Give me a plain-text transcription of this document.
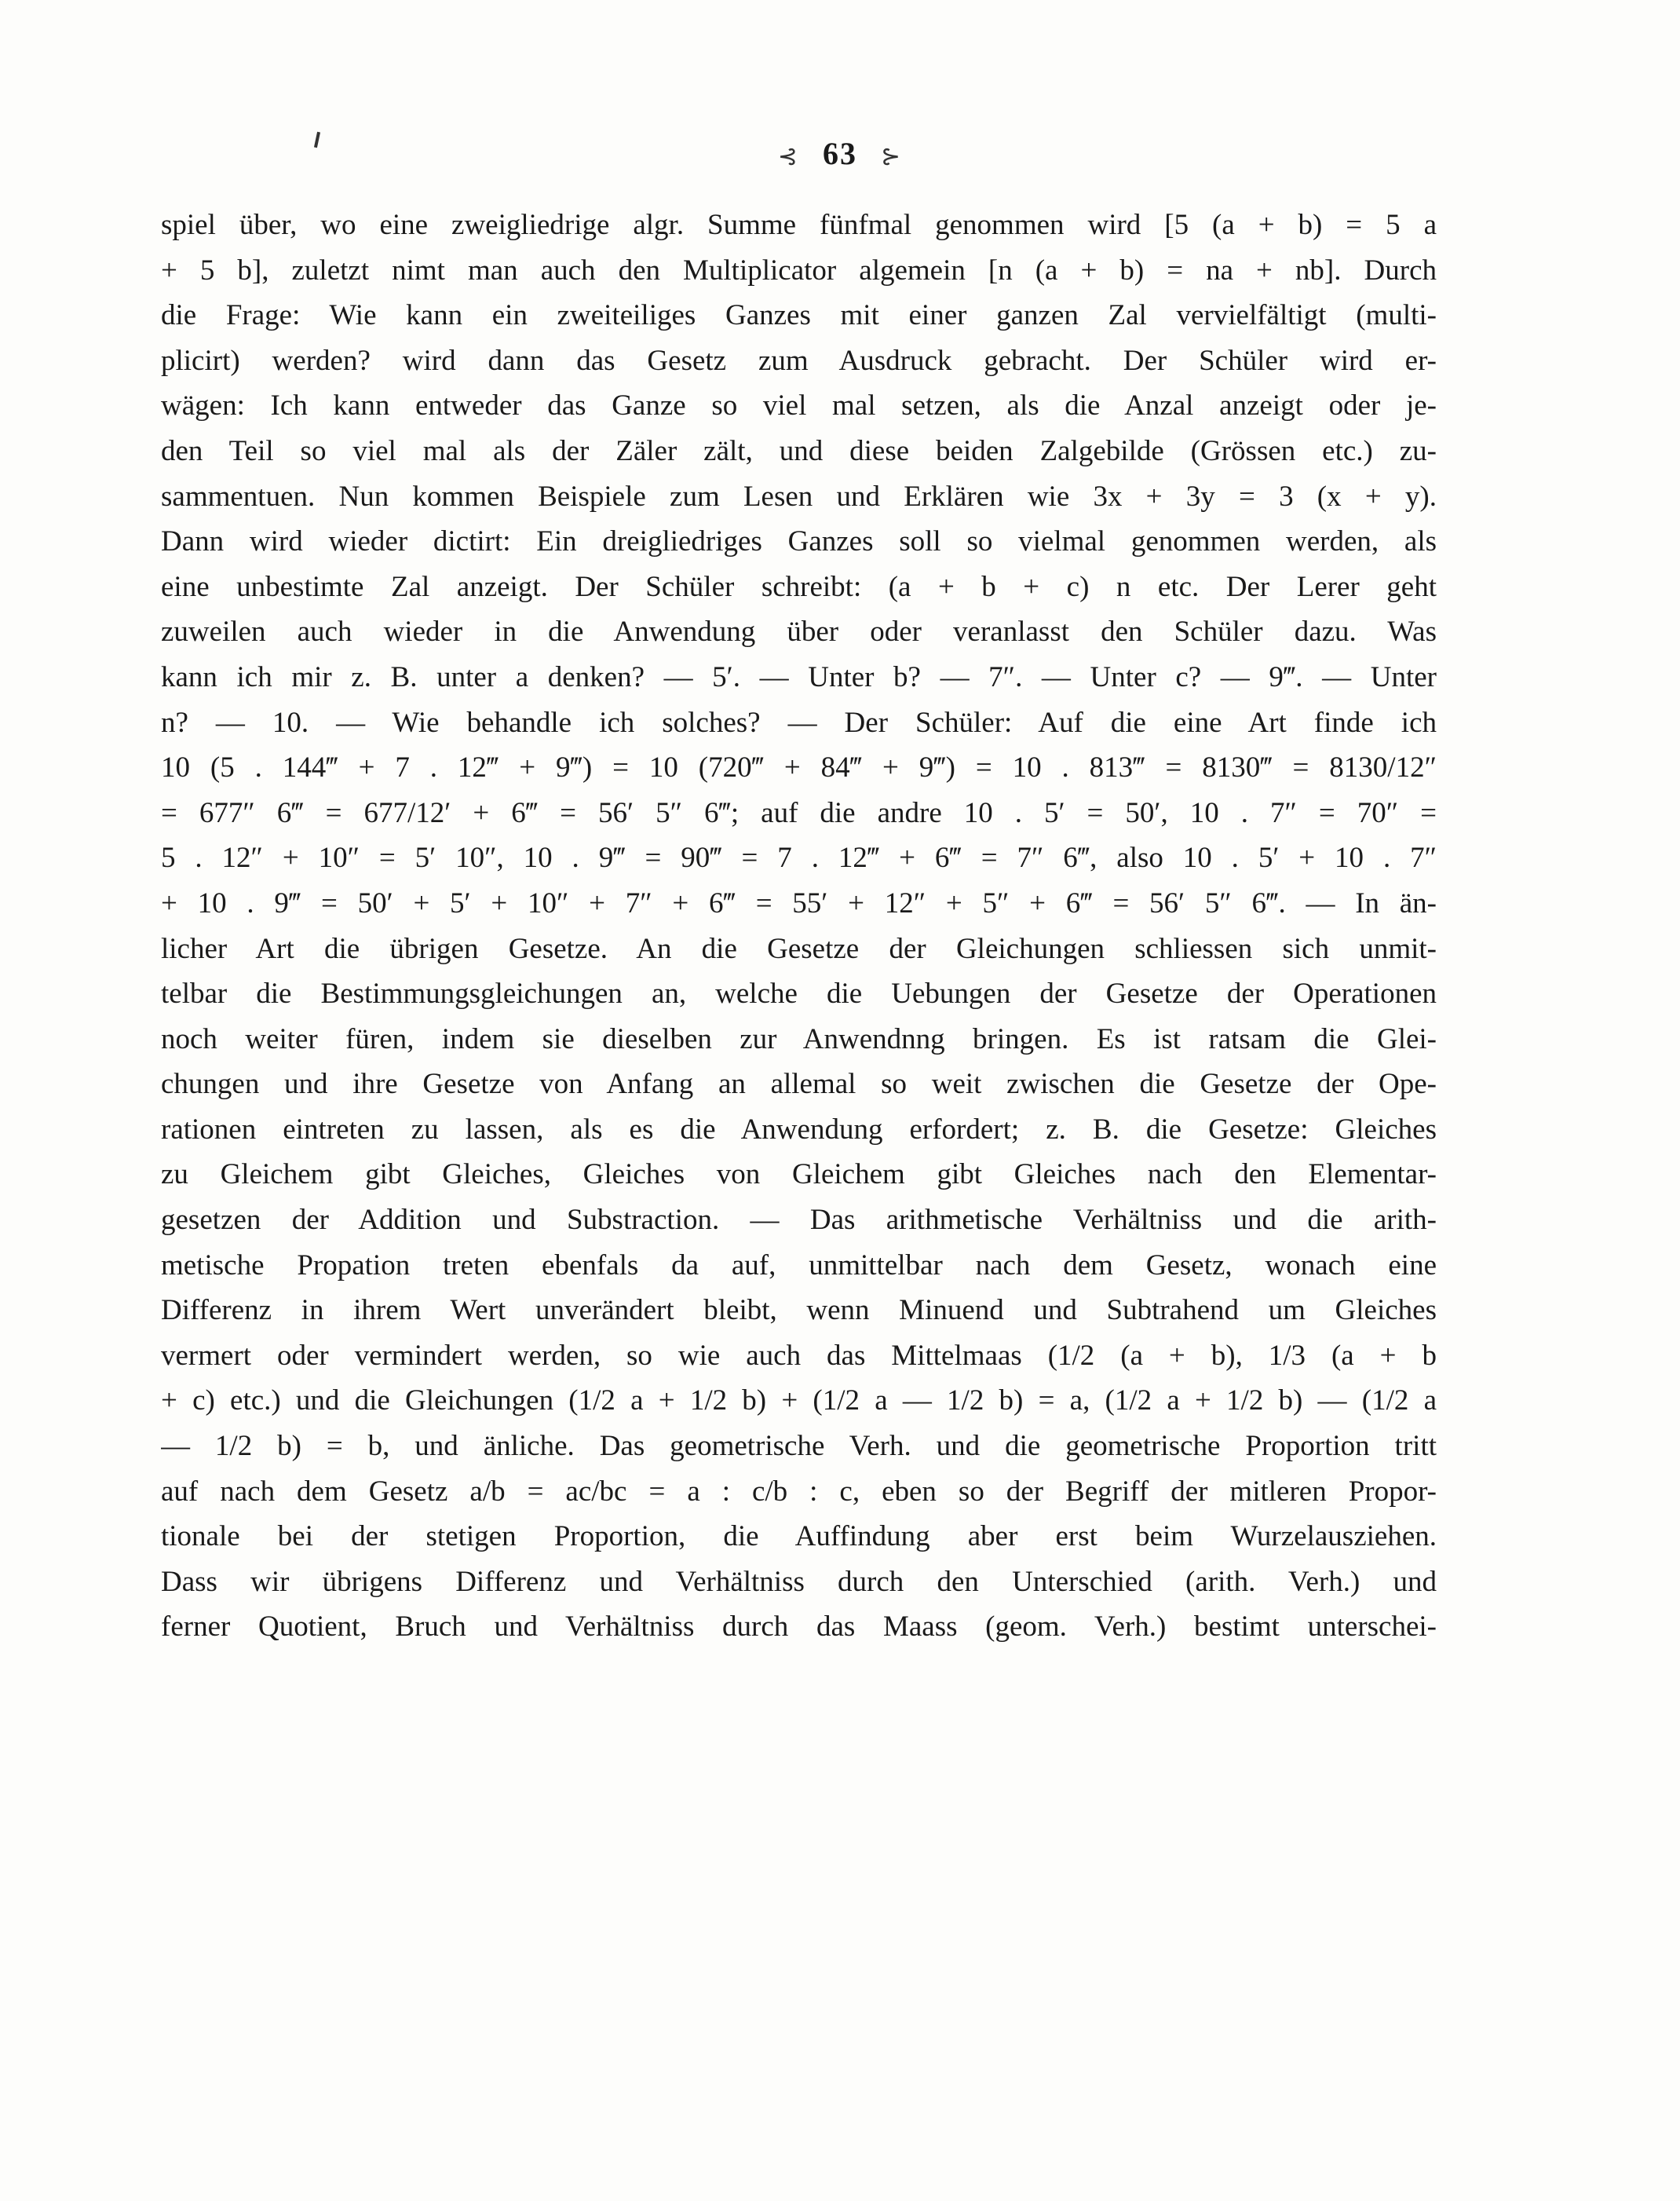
⊰ 63 ⊱
spiel über, wo eine zweigliedrige algr. Summe fünfmal genommen wird [5 (a + b) = 5 a
+ 5 b], zuletzt nimt man auch den Multiplicator algemein [n (a + b) = na + nb]. Durch
die Frage: Wie kann ein zweiteiliges Ganzes mit einer ganzen Zal vervielfältigt (multi-
plicirt) werden? wird dann das Gesetz zum Ausdruck gebracht. Der Schüler wird er-
wägen: Ich kann entweder das Ganze so viel mal setzen, als die Anzal anzeigt oder je-
den Teil so viel mal als der Zäler zält, und diese beiden Zalgebilde (Grössen etc.) zu-
sammentuen. Nun kommen Beispiele zum Lesen und Erklären wie 3x + 3y = 3 (x + y).
Dann wird wieder dictirt: Ein dreigliedriges Ganzes soll so vielmal genommen werden, als
eine unbestimte Zal anzeigt. Der Schüler schreibt: (a + b + c) n etc. Der Lerer geht
zuweilen auch wieder in die Anwendung über oder veranlasst den Schüler dazu. Was
kann ich mir z. B. unter a denken? — 5′. — Unter b? — 7″. — Unter c? — 9‴. — Unter
n? — 10. — Wie behandle ich solches? — Der Schüler: Auf die eine Art finde ich
10 (5 . 144‴ + 7 . 12‴ + 9‴) = 10 (720‴ + 84‴ + 9‴) = 10 . 813‴ = 8130‴ = 8130/12″
= 677″ 6‴ = 677/12′ + 6‴ = 56′ 5″ 6‴; auf die andre 10 . 5′ = 50′, 10 . 7″ = 70″ =
5 . 12″ + 10″ = 5′ 10″, 10 . 9‴ = 90‴ = 7 . 12‴ + 6‴ = 7″ 6‴, also 10 . 5′ + 10 . 7″
+ 10 . 9‴ = 50′ + 5′ + 10″ + 7″ + 6‴ = 55′ + 12″ + 5″ + 6‴ = 56′ 5″ 6‴. — In än-
licher Art die übrigen Gesetze. An die Gesetze der Gleichungen schliessen sich unmit-
telbar die Bestimmungsgleichungen an, welche die Uebungen der Gesetze der Operationen
noch weiter füren, indem sie dieselben zur Anwendnng bringen. Es ist ratsam die Glei-
chungen und ihre Gesetze von Anfang an allemal so weit zwischen die Gesetze der Ope-
rationen eintreten zu lassen, als es die Anwendung erfordert; z. B. die Gesetze: Gleiches
zu Gleichem gibt Gleiches, Gleiches von Gleichem gibt Gleiches nach den Elementar-
gesetzen der Addition und Substraction. — Das arithmetische Verhältniss und die arith-
metische Propation treten ebenfals da auf, unmittelbar nach dem Gesetz, wonach eine
Differenz in ihrem Wert unverändert bleibt, wenn Minuend und Subtrahend um Gleiches
vermert oder vermindert werden, so wie auch das Mittelmaas (1/2 (a + b), 1/3 (a + b
+ c) etc.) und die Gleichungen (1/2 a + 1/2 b) + (1/2 a — 1/2 b) = a, (1/2 a + 1/2 b) — (1/2 a
— 1/2 b) = b, und änliche. Das geometrische Verh. und die geometrische Proportion tritt
auf nach dem Gesetz a/b = ac/bc = a : c/b : c, eben so der Begriff der mitleren Propor-
tionale bei der stetigen Proportion, die Auffindung aber erst beim Wurzelausziehen.
Dass wir übrigens Differenz und Verhältniss durch den Unterschied (arith. Verh.) und
ferner Quotient, Bruch und Verhältniss durch das Maass (geom. Verh.) bestimt unterschei-
